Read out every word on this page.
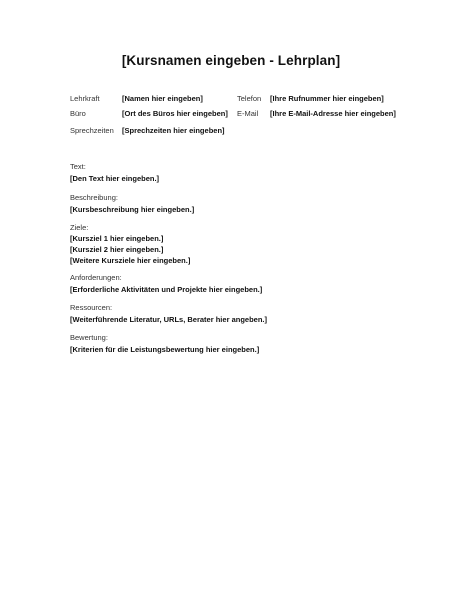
[Kursnamen eingeben - Lehrplan]
Lehrkraft	[Namen hier eingeben]	Telefon [Ihre Rufnummer hier eingeben]
Büro	[Ort des Büros hier eingeben] E-Mail [Ihre E-Mail-Adresse hier eingeben]
Sprechzeiten [Sprechzeiten hier eingeben]
Text:
[Den Text hier eingeben.]
Beschreibung:
[Kursbeschreibung hier eingeben.]
Ziele:
[Kursziel 1 hier eingeben.]
[Kursziel 2 hier eingeben.]
[Weitere Kursziele hier eingeben.]
Anforderungen:
[Erforderliche Aktivitäten und Projekte hier eingeben.]
Ressourcen:
[Weiterführende Literatur, URLs, Berater hier angeben.]
Bewertung:
[Kriterien für die Leistungsbewertung hier eingeben.]
